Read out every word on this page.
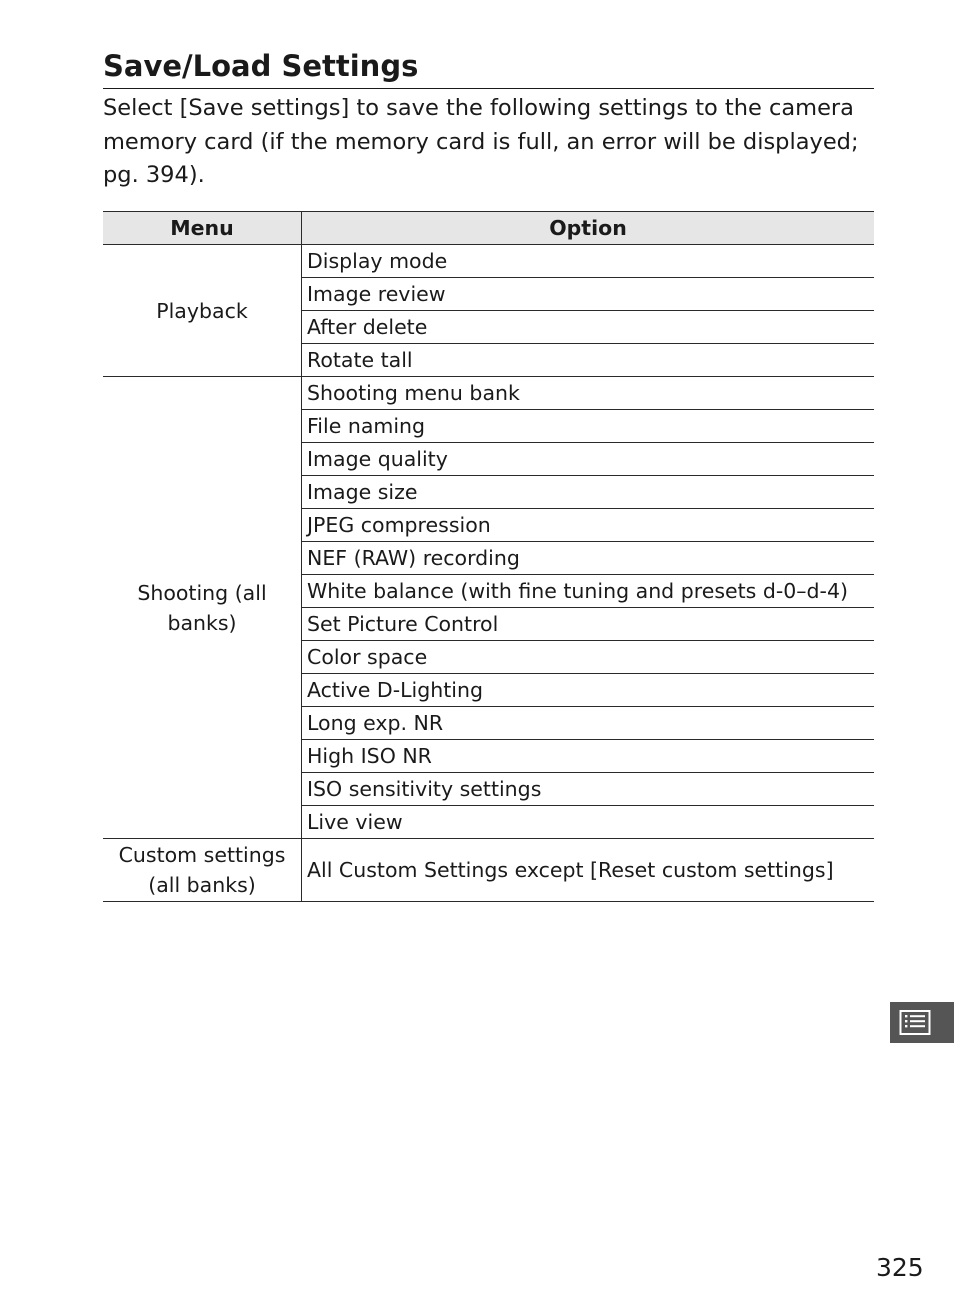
Save/Load Settings

Select [Save settings] to save the following settings to the camera memory card (if the memory card is full, an error will be displayed; pg. 394).

Menu	Option
Playback	Display mode
	Image review
	After delete
	Rotate tall
Shooting (all banks)	Shooting menu bank
	File naming
	Image quality
	Image size
	JPEG compression
	NEF (RAW) recording
	White balance (with fine tuning and presets d-0–d-4)
	Set Picture Control
	Color space
	Active D-Lighting
	Long exp. NR
	High ISO NR
	ISO sensitivity settings
	Live view
Custom settings (all banks)	All Custom Settings except [Reset custom settings]
325
